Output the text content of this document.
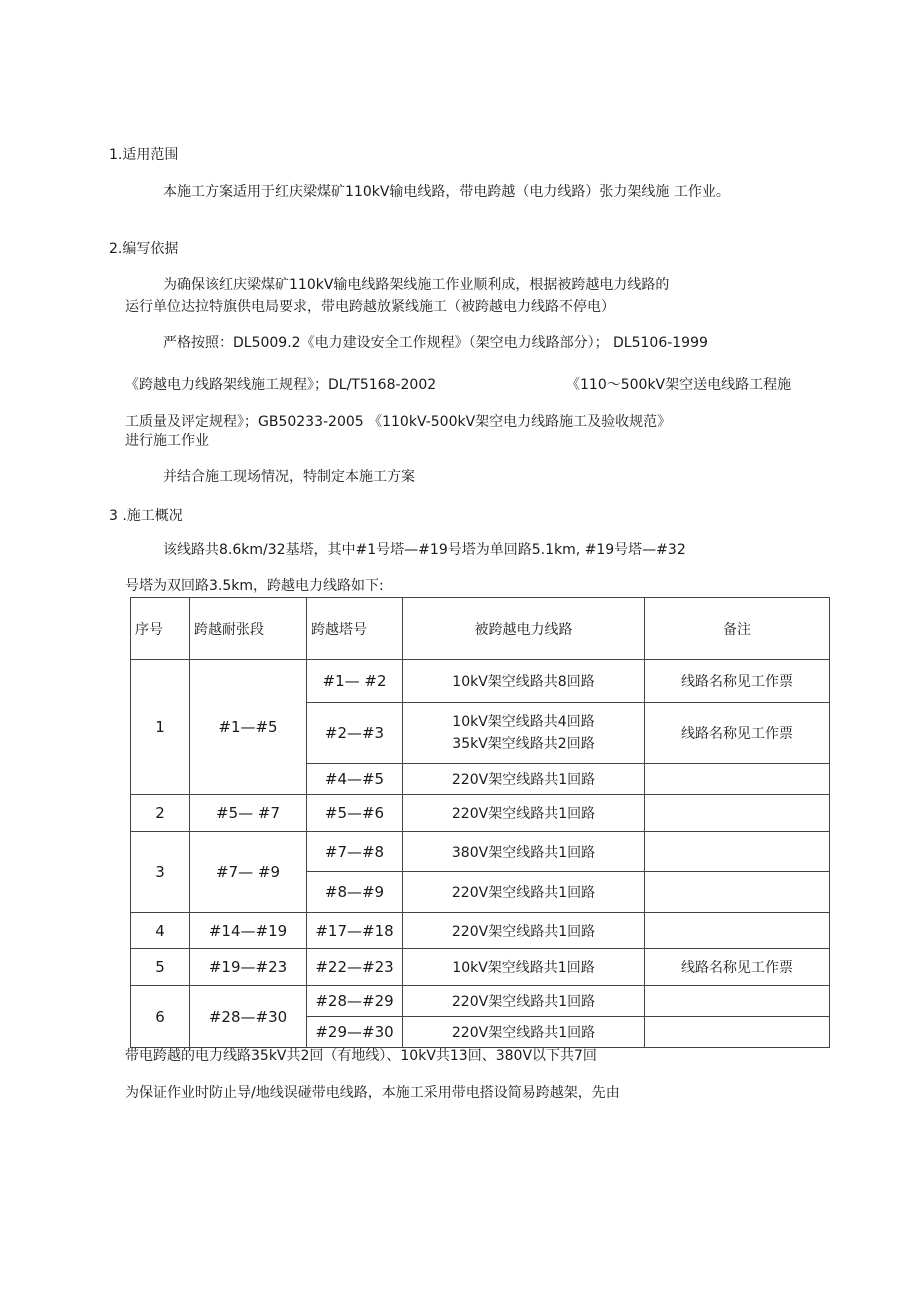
1.适用范围
本施工方案适用于红庆梁煤矿110kV输电线路，带电跨越（电力线路）张力架线施 工作业。
2.编写依据
为确保该红庆梁煤矿110kV输电线路架线施工作业顺利成，根据被跨越电力线路的
运行单位达拉特旗供电局要求，带电跨越放紧线施工（被跨越电力线路不停电）
严格按照：DL5009.2《电力建设安全工作规程》（架空电力线路部分）； DL5106-1999
《跨越电力线路架线施工规程》；DL/T5168-2002	《110～500kV架空送电线路工程施
工质量及评定规程》；GB50233-2005 《110kV-500kV架空电力线路施工及验收规范》
进行施工作业
并结合施工现场情况，特制定本施工方案
3 .施工概况
该线路共8.6km/32基塔，其中#1号塔—#19号塔为单回路5.1km, #19号塔—#32
号塔为双回路3.5km，跨越电力线路如下:
序号	跨越耐张段	跨越塔号	被跨越电力线路	备注
1	#1—#5	#1— #2	10kV架空线路共8回路	线路名称见工作票
		#2—#3	10kV架空线路共4回路
35kV架空线路共2回路	线路名称见工作票
		#4—#5	220V架空线路共1回路	
2	#5— #7	#5—#6	220V架空线路共1回路	
3	#7— #9	#7—#8	380V架空线路共1回路	
		#8—#9	220V架空线路共1回路	
4	#14—#19	#17—#18	220V架空线路共1回路	
5	#19—#23	#22—#23	10kV架空线路共1回路	线路名称见工作票
6	#28—#30	#28—#29	220V架空线路共1回路	
		#29—#30	220V架空线路共1回路	
带电跨越的电力线路35kV共2回（有地线）、10kV共13回、380V以下共7回
为保证作业时防止导/地线误碰带电线路，本施工采用带电搭设简易跨越架，先由
